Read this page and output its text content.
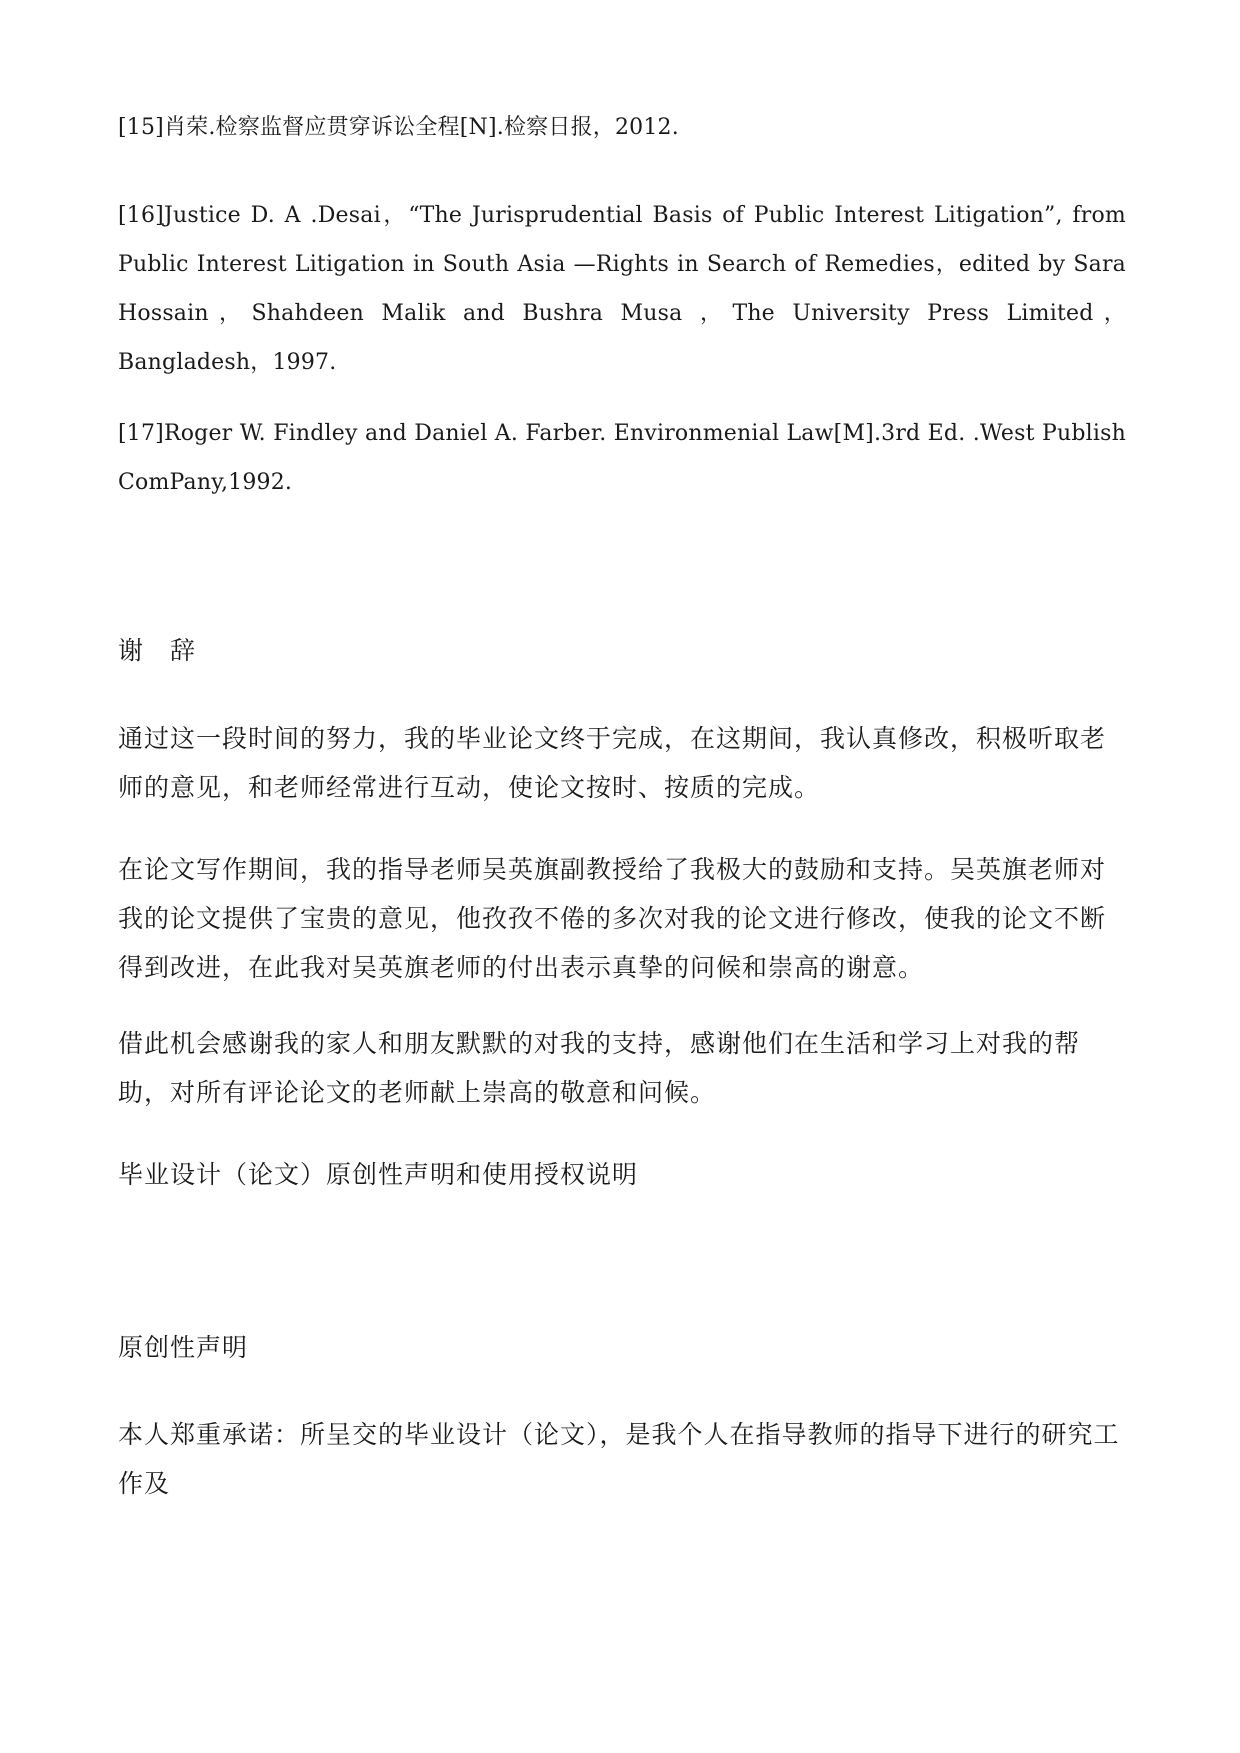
[15]肖荣.检察监督应贯穿诉讼全程[N].检察日报，2012.

[16]Justice D. A .Desai，“The Jurisprudential Basis of Public Interest Litigation”, from Public Interest Litigation in South Asia —Rights in Search of Remedies，edited by Sara Hossain，Shahdeen Malik and Bushra Musa ，The University Press Limited，Bangladesh，1997.

[17]Roger W. Findley and Daniel A. Farber. Environmenial Law[M].3rd Ed. .West Publish ComPany,1992.

谢　辞

通过这一段时间的努力，我的毕业论文终于完成，在这期间，我认真修改，积极听取老师的意见，和老师经常进行互动，使论文按时、按质的完成。

在论文写作期间，我的指导老师吴英旗副教授给了我极大的鼓励和支持。吴英旗老师对我的论文提供了宝贵的意见，他孜孜不倦的多次对我的论文进行修改，使我的论文不断得到改进，在此我对吴英旗老师的付出表示真挚的问候和崇高的谢意。

借此机会感谢我的家人和朋友默默的对我的支持，感谢他们在生活和学习上对我的帮助，对所有评论论文的老师献上崇高的敬意和问候。

毕业设计（论文）原创性声明和使用授权说明

原创性声明

本人郑重承诺：所呈交的毕业设计（论文），是我个人在指导教师的指导下进行的研究工作及
